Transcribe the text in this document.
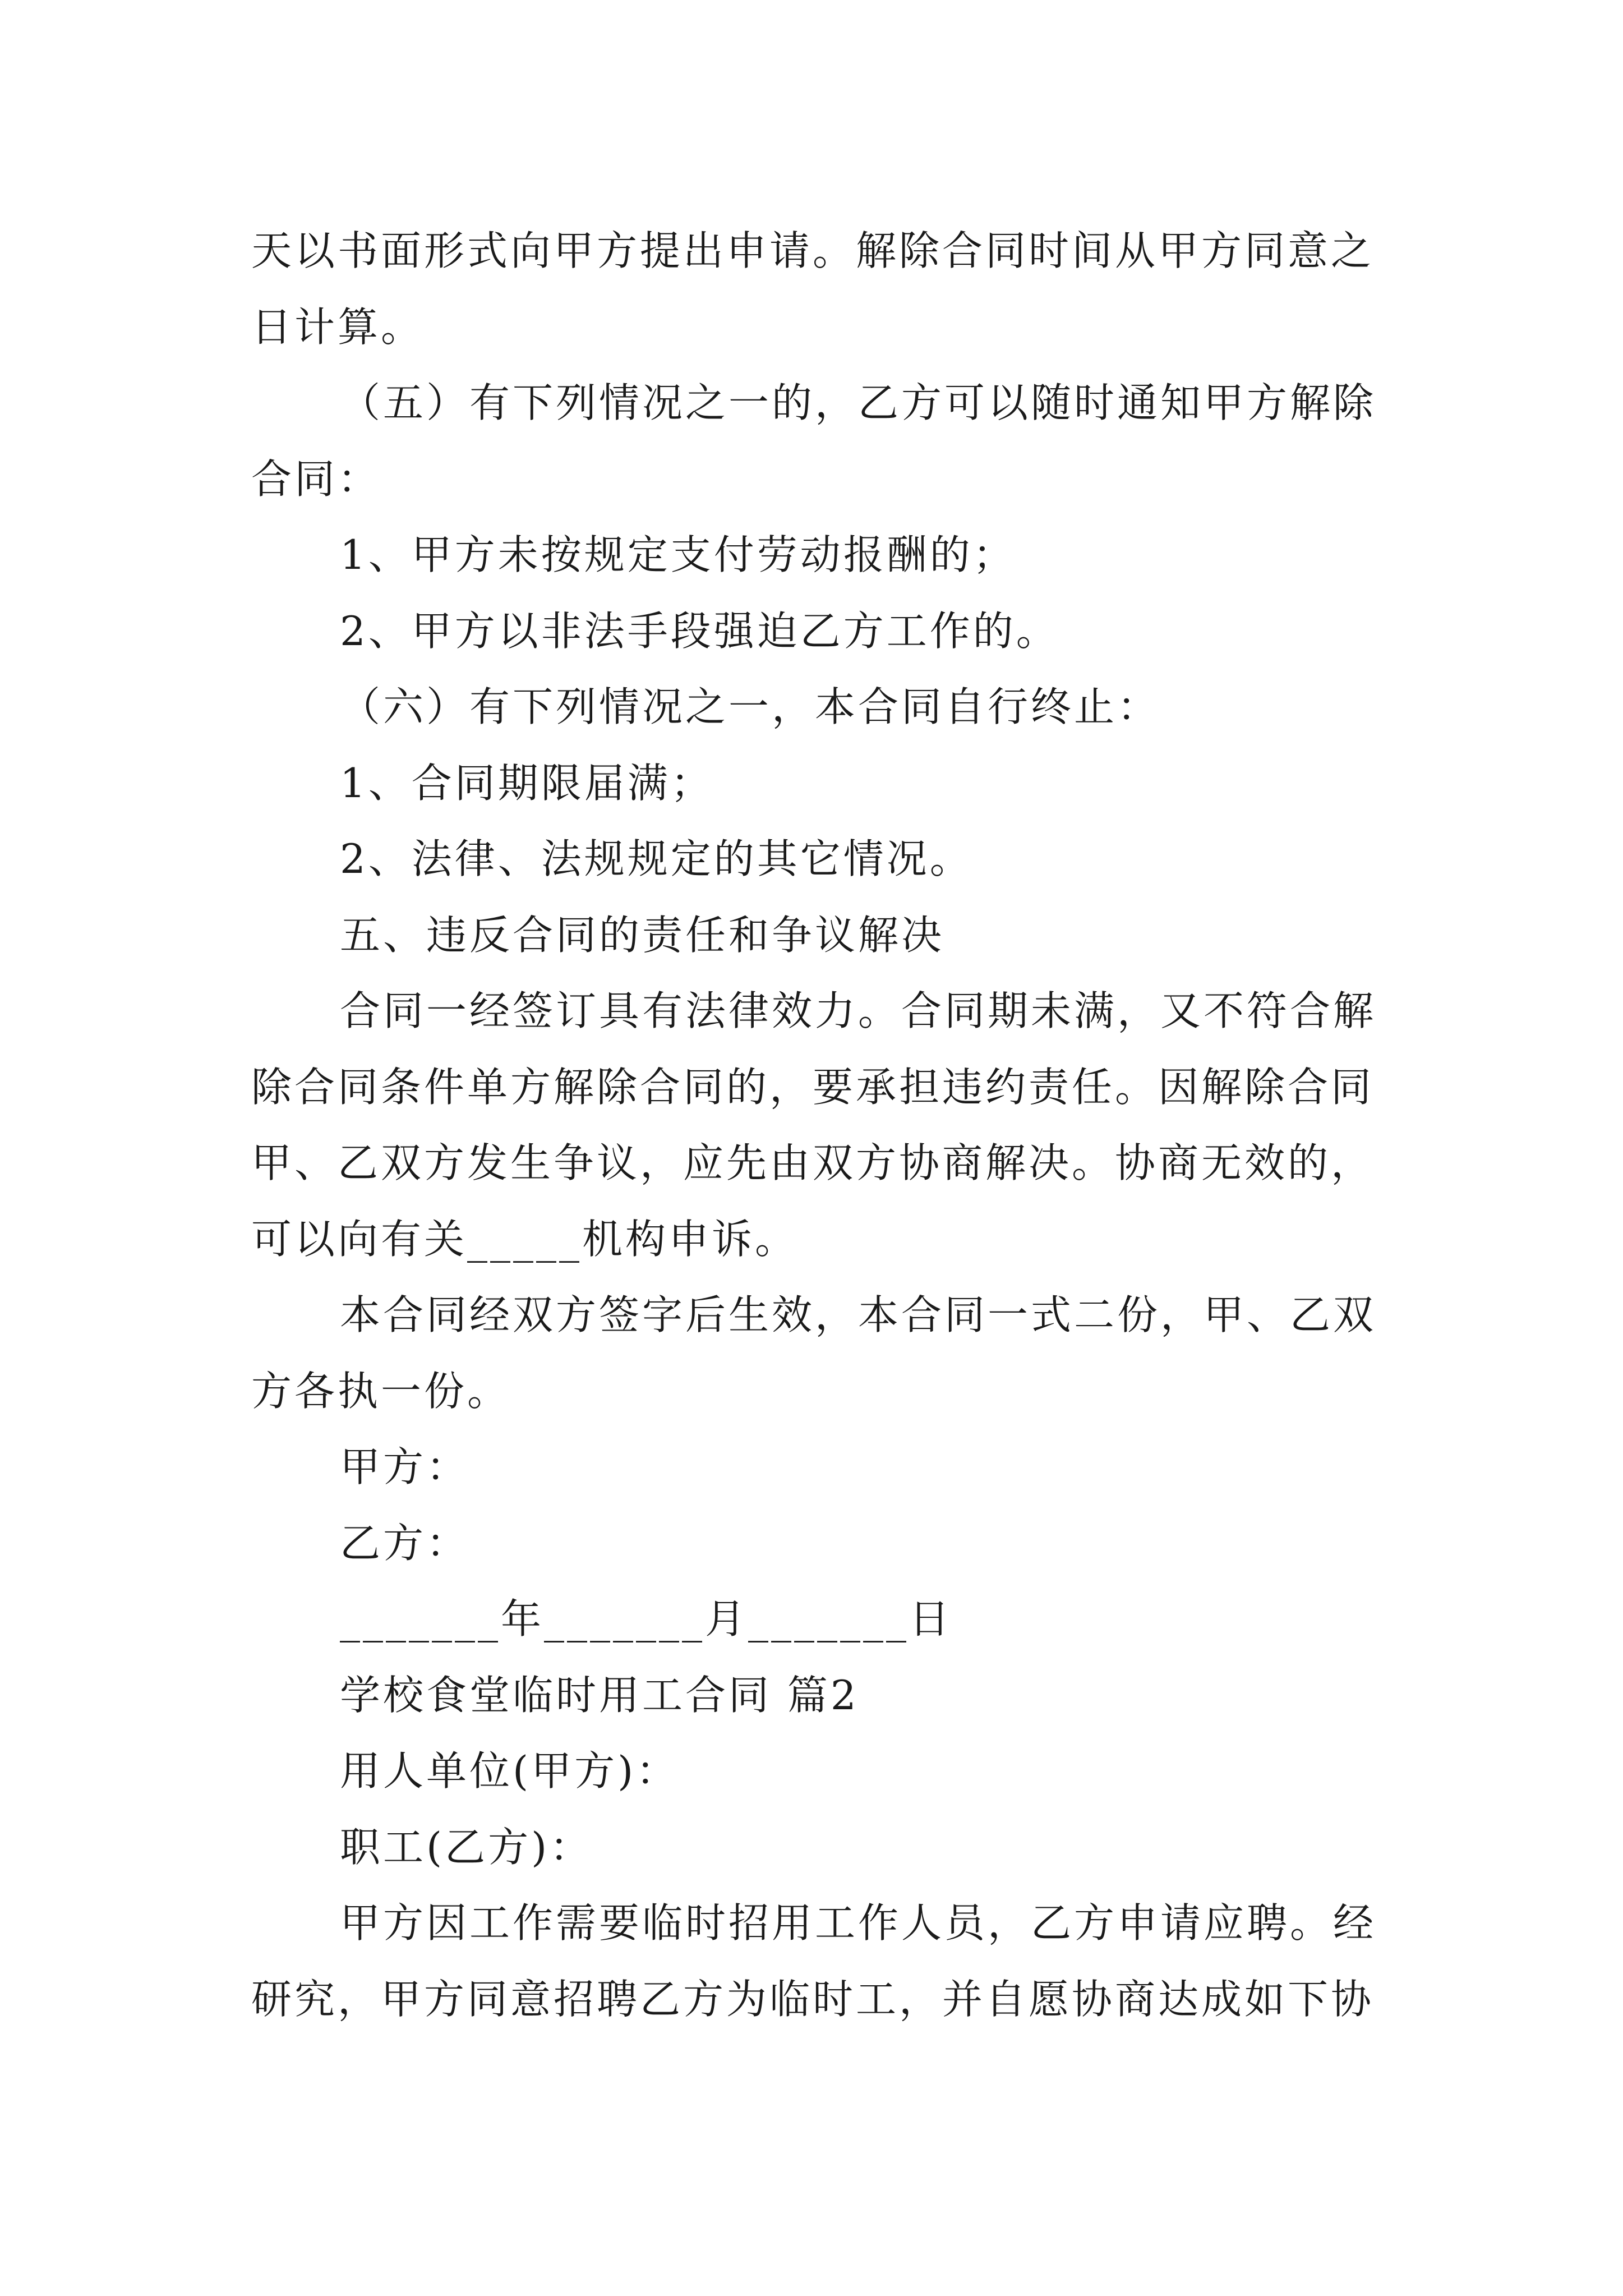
天以书面形式向甲方提出申请。解除合同时间从甲方同意之
日计算。
（五）有下列情况之一的，乙方可以随时通知甲方解除
合同：
1、甲方未按规定支付劳动报酬的；
2、甲方以非法手段强迫乙方工作的。
（六）有下列情况之一，本合同自行终止：
1、合同期限届满；
2、法律、法规规定的其它情况。
五、违反合同的责任和争议解决
合同一经签订具有法律效力。合同期未满，又不符合解
除合同条件单方解除合同的，要承担违约责任。因解除合同
甲、乙双方发生争议，应先由双方协商解决。协商无效的，
可以向有关_____机构申诉。
本合同经双方签字后生效，本合同一式二份，甲、乙双
方各执一份。
甲方：
乙方：
_______年_______月_______日
学校食堂临时用工合同 篇2
用人单位(甲方)：
职工(乙方)：
甲方因工作需要临时招用工作人员，乙方申请应聘。经
研究，甲方同意招聘乙方为临时工，并自愿协商达成如下协
